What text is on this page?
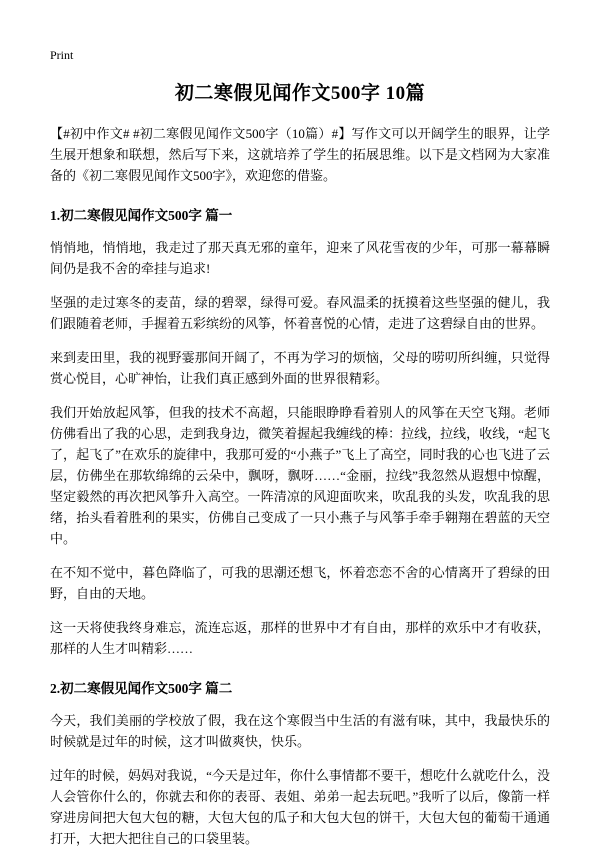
Print
初二寒假见闻作文500字 10篇

【#初中作文# #初二寒假见闻作文500字（10篇）#】写作文可以开阔学生的眼界，让学生展开想象和联想，然后写下来，这就培养了学生的拓展思维。以下是文档网为大家准备的《初二寒假见闻作文500字》，欢迎您的借鉴。

1.初二寒假见闻作文500字 篇一

悄悄地，悄悄地，我走过了那天真无邪的童年，迎来了风花雪夜的少年，可那一幕幕瞬间仍是我不舍的牵挂与追求!

坚强的走过寒冬的麦苗，绿的碧翠，绿得可爱。春风温柔的抚摸着这些坚强的健儿，我们跟随着老师，手握着五彩缤纷的风筝，怀着喜悦的心情，走进了这碧绿自由的世界。

来到麦田里，我的视野霎那间开阔了，不再为学习的烦恼，父母的唠叨所纠缠，只觉得赏心悦目，心旷神怡，让我们真正感到外面的世界很精彩。

我们开始放起风筝，但我的技术不高超，只能眼睁睁看着别人的风筝在天空飞翔。老师仿佛看出了我的心思，走到我身边，微笑着握起我缠线的棒：拉线，拉线，收线，“起飞了，起飞了”在欢乐的旋律中，我那可爱的“小燕子”飞上了高空，同时我的心也飞进了云层，仿佛坐在那软绵绵的云朵中，飘呀，飘呀……“金丽，拉线”我忽然从遐想中惊醒，坚定毅然的再次把风筝升入高空。一阵清凉的风迎面吹来，吹乱我的头发，吹乱我的思绪，抬头看着胜利的果实，仿佛自己变成了一只小燕子与风筝手牵手翱翔在碧蓝的天空中。

在不知不觉中，暮色降临了，可我的思潮还想飞，怀着恋恋不舍的心情离开了碧绿的田野，自由的天地。

这一天将使我终身难忘，流连忘返，那样的世界中才有自由，那样的欢乐中才有收获，那样的人生才叫精彩……

2.初二寒假见闻作文500字 篇二

今天，我们美丽的学校放了假，我在这个寒假当中生活的有滋有味，其中，我最快乐的时候就是过年的时候，这才叫做爽快，快乐。

过年的时候，妈妈对我说，“今天是过年，你什么事情都不要干，想吃什么就吃什么，没人会管你什么的，你就去和你的表哥、表姐、弟弟一起去玩吧。”我听了以后，像箭一样穿进房间把大包大包的糖，大包大包的瓜子和大包大包的饼干，大包大包的葡萄干通通打开，大把大把往自己的口袋里装。
